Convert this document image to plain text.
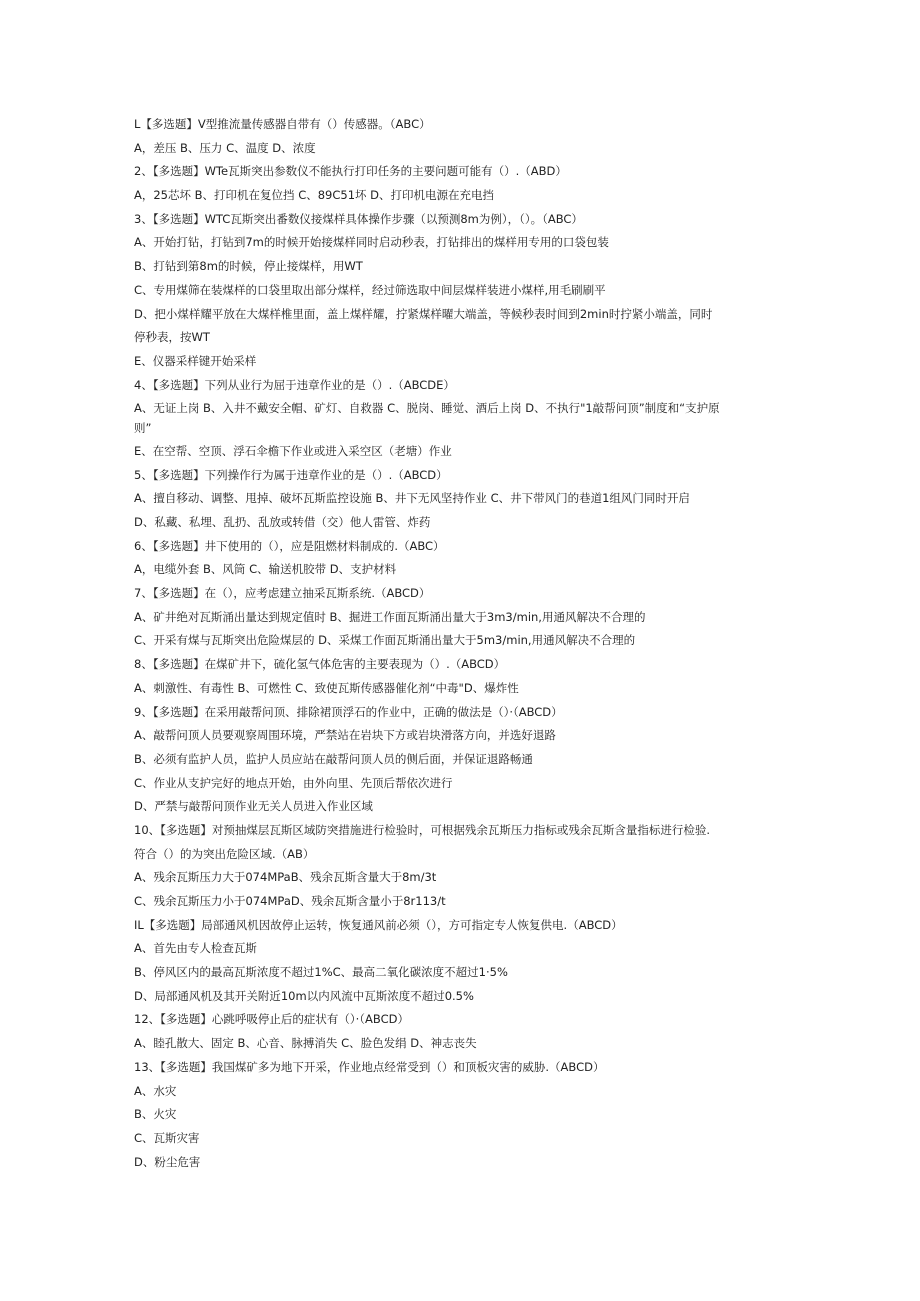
L【多选题】V型推流量传感器自带有（）传感器。（ABC）
A，差压 B、压力 C、温度 D、浓度
2、【多选题】WTe瓦斯突出参数仪不能执行打印任务的主要问题可能有（）.（ABD）
A，25芯坏 B、打印机在复位挡 C、89C51坏 D、打印机电源在充电挡
3、【多选题】WTC瓦斯突出番数仪接煤样具体操作步骤（以预测8m为例），（）。（ABC）
A、开始打钻，打钻到7m的时候开始接煤样同时启动秒表，打钻排出的煤样用专用的口袋包装
B、打钻到第8m的时候，停止接煤样，用WT
C、专用煤筛在装煤样的口袋里取出部分煤样，经过筛选取中间层煤样装进小煤样,用毛刷刷平
D、把小煤样耀平放在大煤样椎里面，盖上煤样耀，拧紧煤样曜大端盖，等候秒表时间到2min时拧紧小端盖，同时
停秒表，按WT
E、仪器采样键开始采样
4、【多选题】下列从业行为屈于违章作业的是（）.（ABCDE）
A、无证上岗 B、入井不戴安全帽、矿灯、自救器 C、脱岗、睡觉、酒后上岗 D、不执行"1敲帮问顶”制度和“支护原
则”
E、在空帮、空顶、浮石伞檐下作业或进入采空区（老塘）作业
5、【多选题】下列操作行为属于违章作业的是（）.（ABCD）
A、擅自移动、调整、甩掉、破坏瓦斯监控设施 B、井下无风坚持作业 C、井下带风门的巷道1组风门同时开启
D、私藏、私埋、乱扔、乱放或转借（交）他人雷管、炸药
6、【多选题】井下使用的（），应是阻燃材料制成的.（ABC）
A，电缆外套 B、风筒 C、输送机胶带 D、支护材料
7、【多选题】在（），应考虑建立抽采瓦斯系统.（ABCD）
A、矿井绝对瓦斯涌出量达到规定值时 B、掘进工作面瓦斯涌出量大于3m3∕min,用通风解决不合理的
C、开采有煤与瓦斯突出危险煤层的 D、采煤工作面瓦斯涌出量大于5m3∕min,用通风解决不合理的
8、【多选题】在煤矿井下，硫化氢气体危害的主要表现为（）.（ABCD）
A、刺激性、有毒性 B、可燃性 C、致使瓦斯传感器催化剂“中毒"D、爆炸性
9、【多选题】在采用敲帮问顶、排除裙顶浮石的作业中，正确的做法是（）·（ABCD）
A、敲帮问顶人员要观察周围环境，严禁站在岩块下方或岩块滑落方向，并选好退路
B、必须有监护人员，监护人员应站在敲帮问顶人员的侧后面，并保证退路畅通
C、作业从支护完好的地点开始，由外向里、先顶后帮依次进行
D、严禁与敲帮问顶作业无关人员进入作业区域
10、【多选题】对预抽煤层瓦斯区域防突措施进行检验时，可根据残余瓦斯压力指标或残余瓦斯含量指标进行检验.
符合（）的为突出危险区域.（AB）
A、残余瓦斯压力大于074MPaB、残余瓦斯含量大于8m∕3t
C、残余瓦斯压力小于074MPaD、残余瓦斯含量小于8r113∕t
IL【多选题】局部通风机因故停止运转，恢复通风前必须（），方可指定专人恢复供电.（ABCD）
A、首先由专人检查瓦斯
B、停风区内的最高瓦斯浓度不超过1%C、最高二氧化碳浓度不超过1·5%
D、局部通风机及其开关附近10m以内风流中瓦斯浓度不超过0.5%
12、【多选题】心跳呼吸停止后的症状有（）·（ABCD）
A、睦孔散大、固定 B、心音、脉搏消失 C、脸色发绢 D、神志丧失
13、【多选题】我国煤矿多为地下开采，作业地点经常受到（）和顶板灾害的威胁.（ABCD）
A、水灾
B、火灾
C、瓦斯灾害
D、粉尘危害
